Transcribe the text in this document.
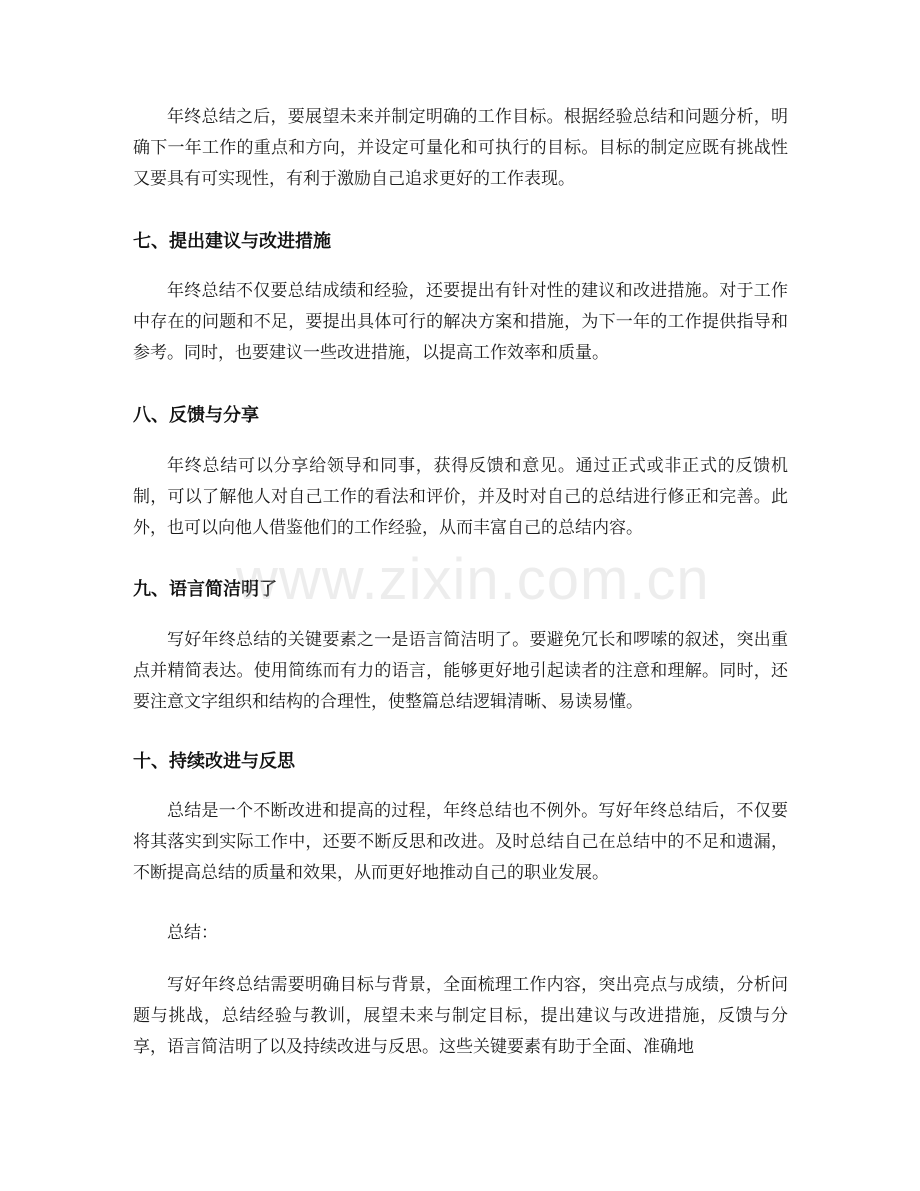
www.zixin.com.cn

年终总结之后，要展望未来并制定明确的工作目标。根据经验总结和问题分析，明确下一年工作的重点和方向，并设定可量化和可执行的目标。目标的制定应既有挑战性又要具有可实现性，有利于激励自己追求更好的工作表现。

七、提出建议与改进措施

年终总结不仅要总结成绩和经验，还要提出有针对性的建议和改进措施。对于工作中存在的问题和不足，要提出具体可行的解决方案和措施，为下一年的工作提供指导和参考。同时，也要建议一些改进措施，以提高工作效率和质量。

八、反馈与分享

年终总结可以分享给领导和同事，获得反馈和意见。通过正式或非正式的反馈机制，可以了解他人对自己工作的看法和评价，并及时对自己的总结进行修正和完善。此外，也可以向他人借鉴他们的工作经验，从而丰富自己的总结内容。

九、语言简洁明了

写好年终总结的关键要素之一是语言简洁明了。要避免冗长和啰嗦的叙述，突出重点并精简表达。使用简练而有力的语言，能够更好地引起读者的注意和理解。同时，还要注意文字组织和结构的合理性，使整篇总结逻辑清晰、易读易懂。

十、持续改进与反思

总结是一个不断改进和提高的过程，年终总结也不例外。写好年终总结后，不仅要将其落实到实际工作中，还要不断反思和改进。及时总结自己在总结中的不足和遗漏，不断提高总结的质量和效果，从而更好地推动自己的职业发展。

总结：

写好年终总结需要明确目标与背景，全面梳理工作内容，突出亮点与成绩，分析问题与挑战，总结经验与教训，展望未来与制定目标，提出建议与改进措施，反馈与分享，语言简洁明了以及持续改进与反思。这些关键要素有助于全面、准确地
